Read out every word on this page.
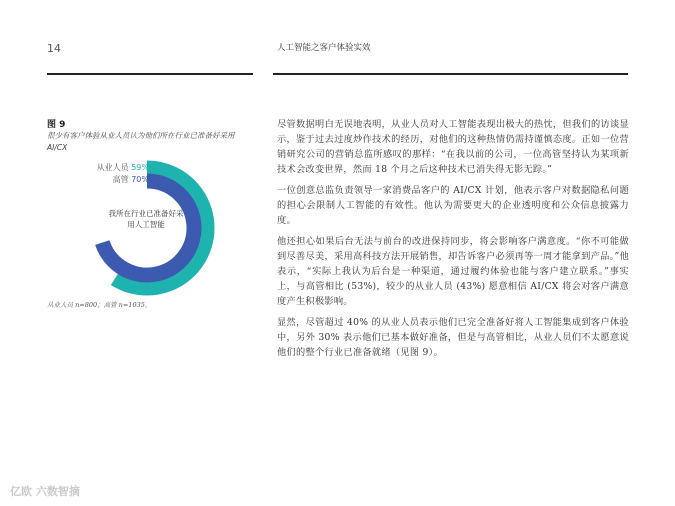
14	人工智能之客户体验实效
图 9
很少有客户体验从业人员认为他们所在行业已准备好采用 AI/CX
从业人员 59%
高管 70%
我所在行业已准备好采用人工智能
从业人员 n=800；高管 n=1035。

尽管数据明白无误地表明，从业人员对人工智能表现出极大的热忱，但我们的访谈显示，鉴于过去过度炒作技术的经历，对他们的这种热情仍需持谨慎态度。正如一位营销研究公司的营销总监所感叹的那样：“在我以前的公司，一位高管坚持认为某项新技术会改变世界，然而 18 个月之后这种技术已消失得无影无踪。”

一位创意总监负责领导一家消费品客户的 AI/CX 计划，他表示客户对数据隐私问题的担心会限制人工智能的有效性。他认为需要更大的企业透明度和公众信息披露力度。

他还担心如果后台无法与前台的改进保持同步，将会影响客户满意度。“你不可能做到尽善尽美，采用高科技方法开展销售，却告诉客户必须再等一周才能拿到产品。”他表示，“实际上我认为后台是一种渠道，通过履约体验也能与客户建立联系。”事实上，与高管相比 (53%)，较少的从业人员 (43%) 愿意相信 AI/CX 将会对客户满意度产生积极影响。

显然，尽管超过 40% 的从业人员表示他们已完全准备好将人工智能集成到客户体验中，另外 30% 表示他们已基本做好准备，但是与高管相比，从业人员们不太愿意说他们的整个行业已准备就绪（见图 9）。

亿欧 六数智摘
